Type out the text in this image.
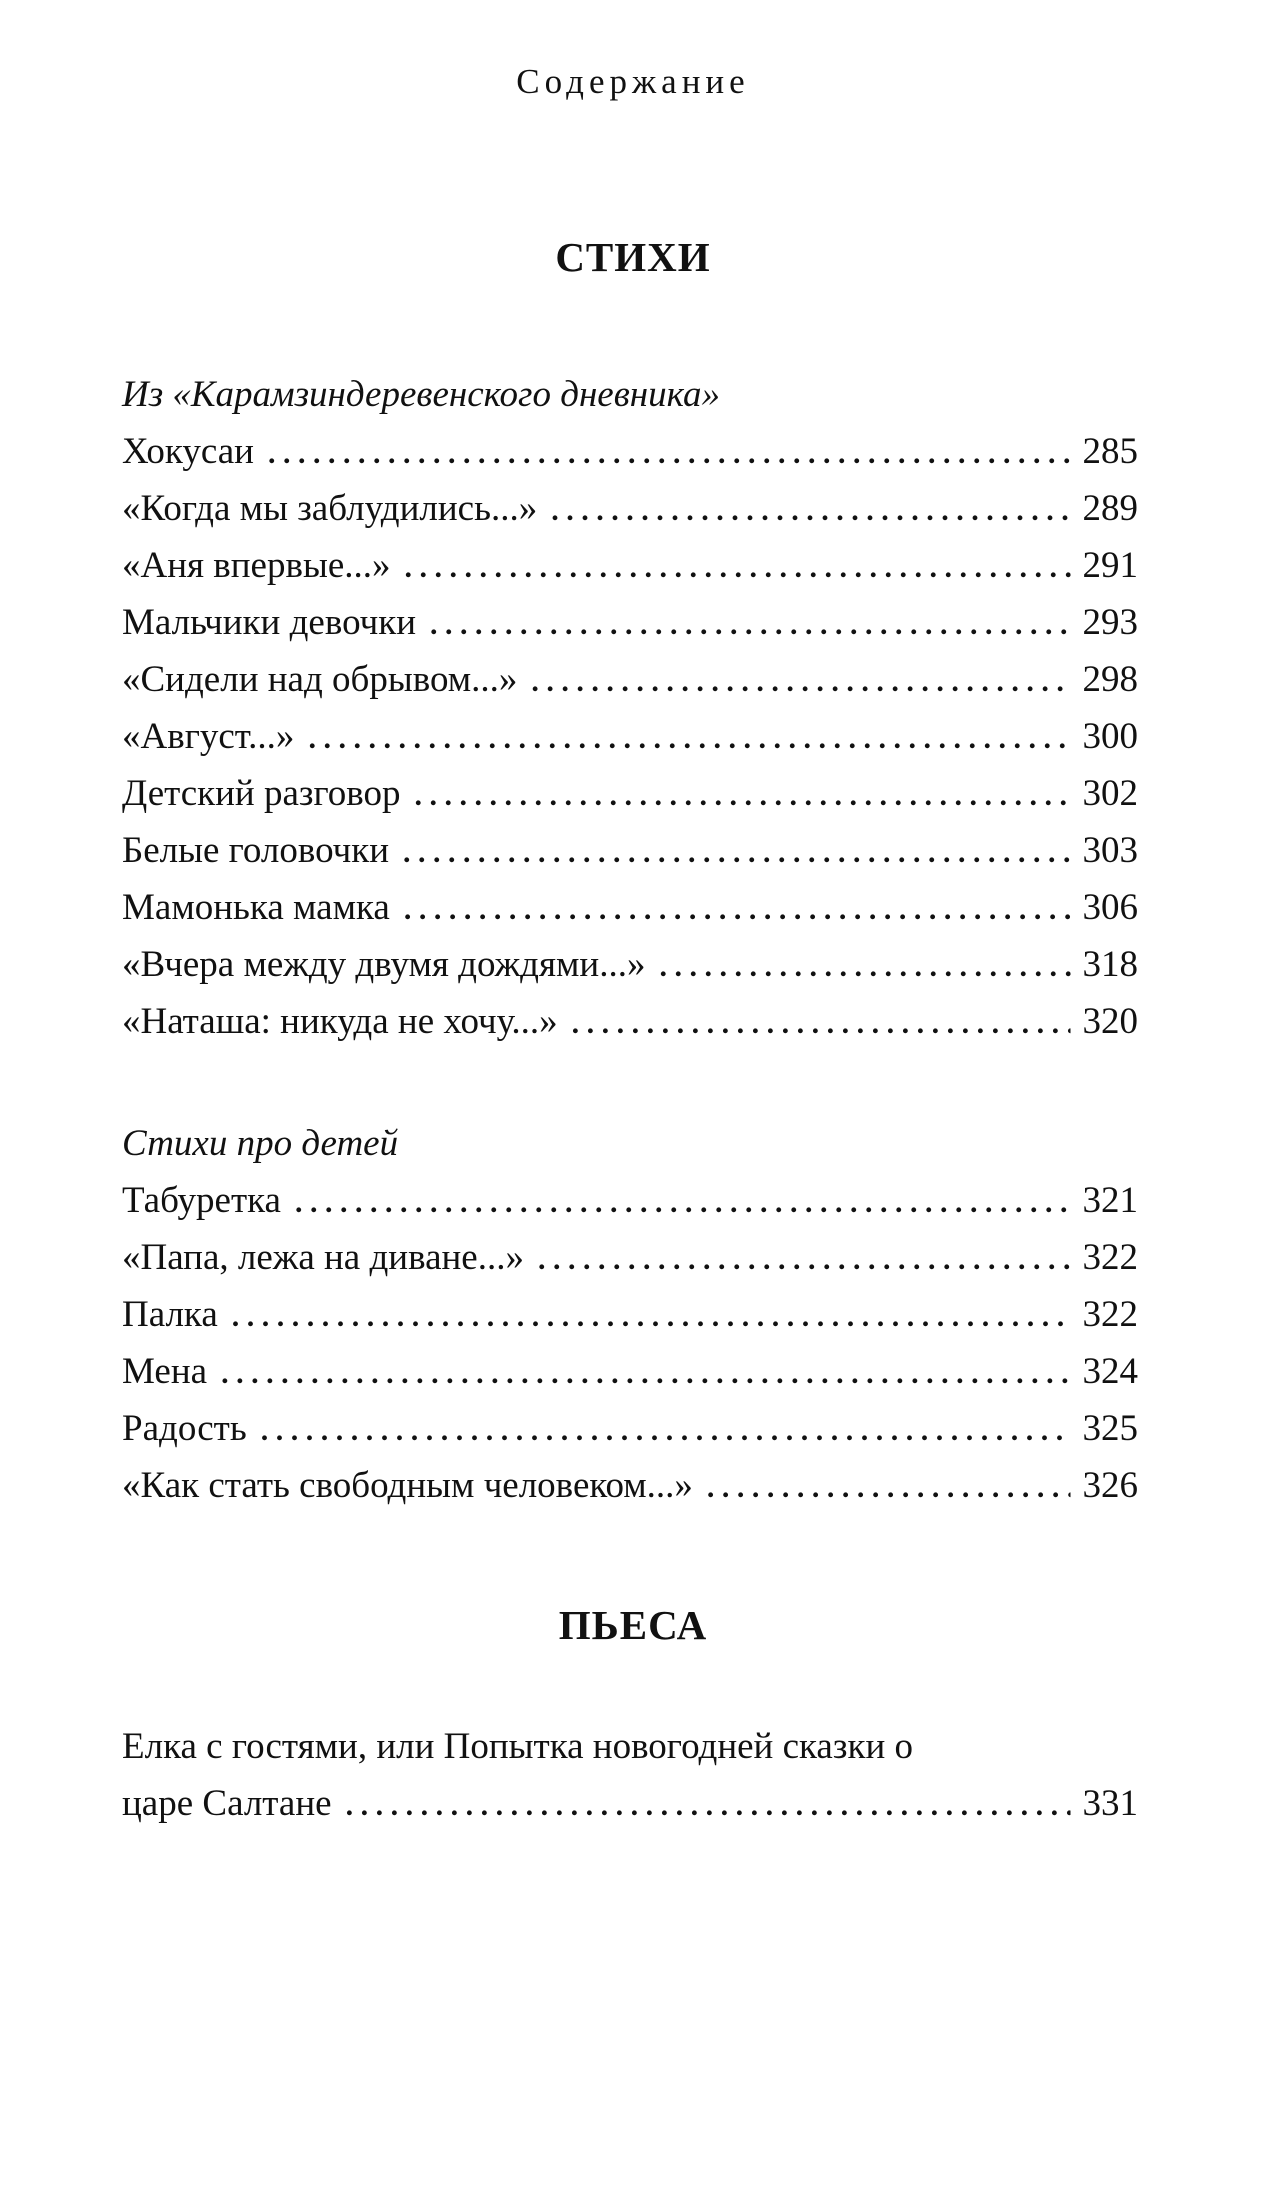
Содержание
СТИХИ
Из «Карамзиндеревенского дневника»
Хокусаи . . .	285
«Когда мы заблудились...» . . .	289
«Аня впервые...» . . .	291
Мальчики девочки . . .	293
«Сидели над обрывом...» . . .	298
«Август...» . . .	300
Детский разговор . . .	302
Белые головочки . . .	303
Мамонька мамка . . .	306
«Вчера между двумя дождями...» . . .	318
«Наташа: никуда не хочу...» . . .	320
Стихи про детей
Табуретка . . .	321
«Папа, лежа на диване...» . . .	322
Палка . . .	322
Мена . . .	324
Радость . . .	325
«Как стать свободным человеком...» . . .	326
ПЬЕСА
Елка с гостями, или Попытка новогодней сказки о
царе Салтане . . .	331
